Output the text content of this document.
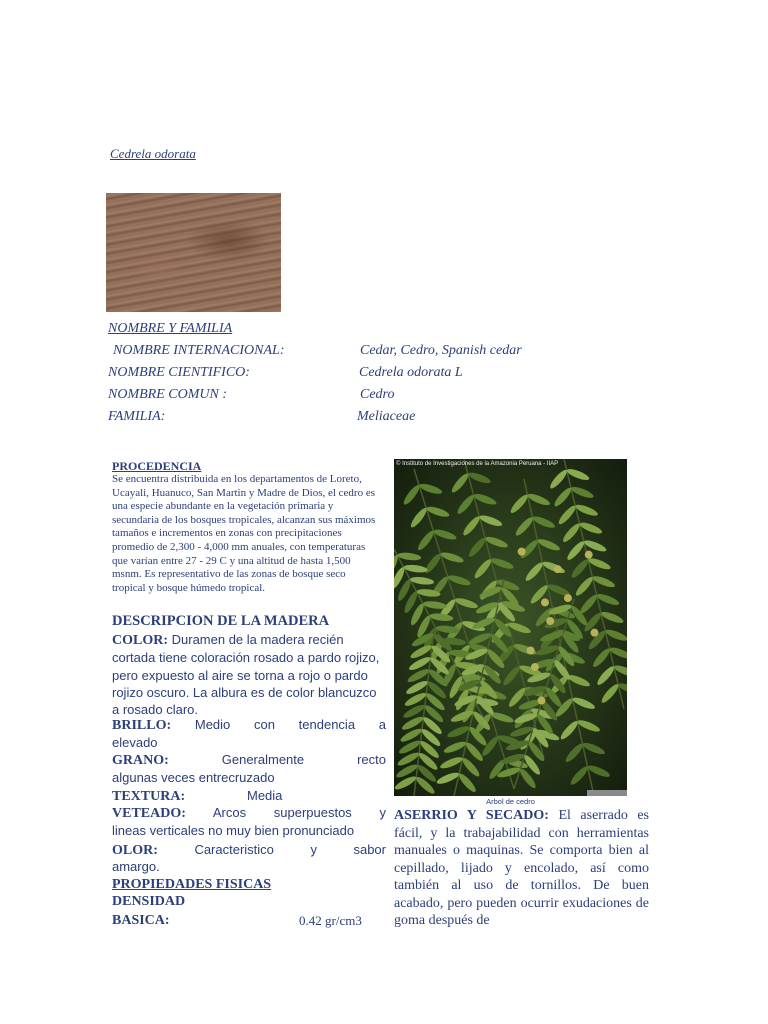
Cedrela odorata
NOMBRE Y FAMILIA
NOMBRE INTERNACIONAL:	Cedar, Cedro, Spanish cedar
NOMBRE CIENTIFICO:	Cedrela odorata L
NOMBRE COMUN :	Cedro
FAMILIA:	Meliaceae
PROCEDENCIA
Se encuentra distribuida en los departamentos de Loreto, Ucayali, Huanuco, San Martin y Madre de Dios, el cedro es una especie abundante en la vegetación primaria y secundaria de los bosques tropicales, alcanzan sus máximos tamaños e incrementos en zonas con precipitaciones promedio de 2,300 - 4,000 mm anuales, con temperaturas que varían entre 27 - 29 C y una altitud de hasta 1,500 msnm. Es representativo de las zonas de bosque seco tropical y bosque húmedo tropical.
DESCRIPCION DE LA MADERA
COLOR: Duramen de la madera recién cortada tiene coloración rosado a pardo rojizo, pero expuesto al aire se torna a rojo o pardo rojizo oscuro. La albura es de color blancuzco a rosado claro.
BRILLO: Medio con tendencia a
elevado
GRANO:	Generalmente recto
algunas veces entrecruzado
TEXTURA:	Media
VETEADO: Arcos superpuestos y
lineas verticales no muy bien pronunciado
OLOR:	Caracteristico y sabor
amargo.
PROPIEDADES FISICAS
DENSIDAD
BASICA:	0.42 gr/cm3
© Instituto de Investigaciones de la Amazonia Peruana - IIAP
Arbol de cedro
ASERRIO Y SECADO: El aserrado es fácil, y la trabajabilidad con herramientas manuales o maquinas. Se comporta bien al cepillado, lijado y encolado, así como también al uso de tornillos. De buen acabado, pero pueden ocurrir exudaciones de goma después de
